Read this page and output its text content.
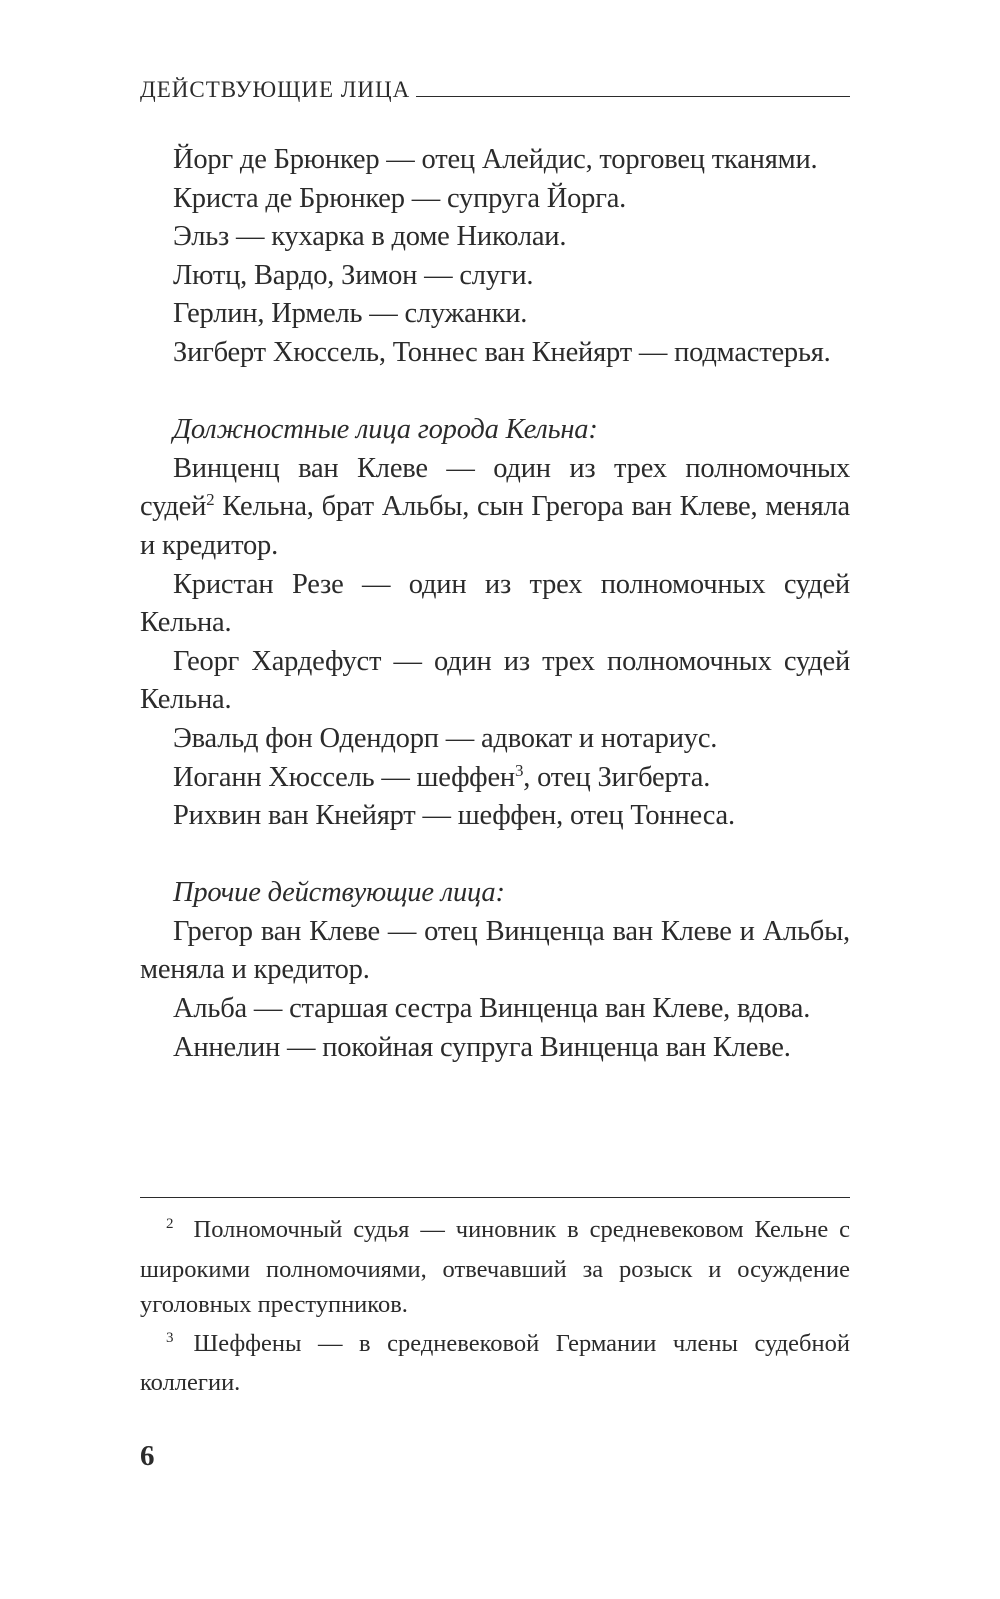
ДЕЙСТВУЮЩИЕ ЛИЦА

Йорг де Брюнкер — отец Алейдис, торговец тканями.

Криста де Брюнкер — супруга Йорга.

Эльз — кухарка в доме Николаи.

Лютц, Вардо, Зимон — слуги.

Герлин, Ирмель — служанки.

Зигберт Хюссель, Тоннес ван Кнейярт — подмастерья.

Должностные лица города Кельна:

Винценц ван Клеве — один из трех полномочных судей$^2$ Кельна, брат Альбы, сын Грегора ван Клеве, меняла и кредитор.

Кристан Резе — один из трех полномочных судей Кельна.

Георг Хардефуст — один из трех полномочных судей Кельна.

Эвальд фон Одендорп — адвокат и нотариус.

Иоганн Хюссель — шеффен$^3$, отец Зигберта.

Рихвин ван Кнейярт — шеффен, отец Тоннеса.

Прочие действующие лица:

Грегор ван Клеве — отец Винценца ван Клеве и Альбы, меняла и кредитор.

Альба — старшая сестра Винценца ван Клеве, вдова.

Аннелин — покойная супруга Винценца ван Клеве.

$^2$ Полномочный судья — чиновник в средневековом Кельне с широкими полномочиями, отвечавший за розыск и осуждение уголовных преступников.

$^3$ Шеффены — в средневековой Германии члены судебной коллегии.

6
